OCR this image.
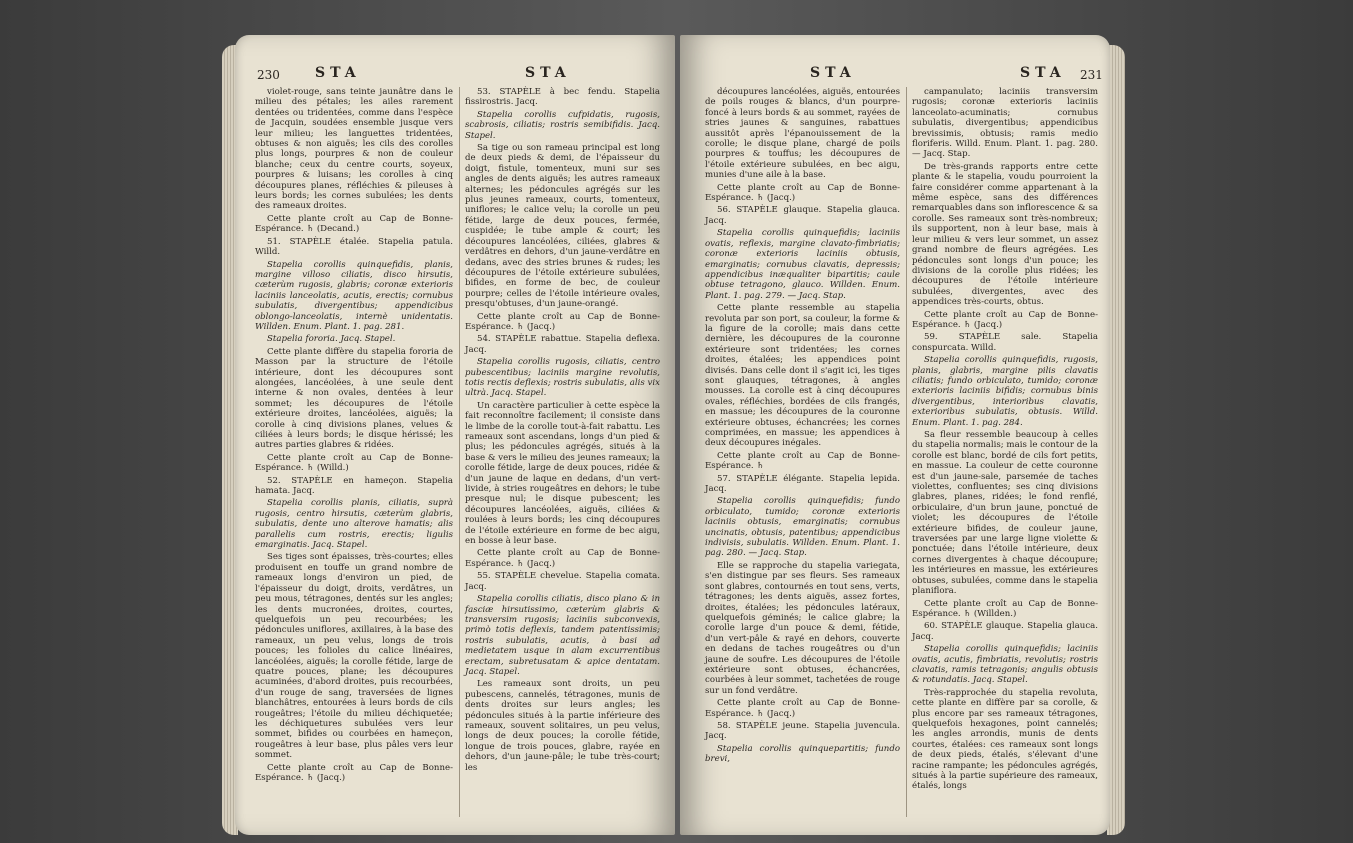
230	STA	STA

violet-rouge, sans teinte jaunâtre dans le milieu des pétales; les ailes rarement dentées ou tridentées, comme dans l'espèce de Jacquin, soudées ensemble jusque vers leur milieu; les languettes tridentées, obtuses & non aiguës; les cils des corolles plus longs, pourpres & non de couleur blanche; ceux du centre courts, soyeux, pourpres & luisans; les corolles à cinq découpures planes, réfléchies & pileuses à leurs bords; les cornes subulées; les dents des rameaux droites.

Cette plante croît au Cap de Bonne-Espérance. ♄ (Decand.)

51. STAPÈLE étalée. Stapelia patula. Willd.

Stapelia corollis quinquefidis, planis, margine villoso ciliatis, disco hirsutis, cæterùm rugosis, glabris; coronæ exterioris laciniis lanceolatis, acutis, erectis; cornubus subulatis, divergentibus; appendicibus oblongo-lanceolatis, internè unidentatis. Willden. Enum. Plant. 1. pag. 281.

Stapelia fororia. Jacq. Stapel.

Cette plante diffère du stapelia fororia de Masson par la structure de l'étoile intérieure, dont les découpures sont alongées, lancéolées, à une seule dent interne & non ovales, dentées à leur sommet; les découpures de l'étoile extérieure droites, lancéolées, aiguës; la corolle à cinq divisions planes, velues & ciliées à leurs bords; le disque hérissé; les autres parties glabres & ridées.

Cette plante croît au Cap de Bonne-Espérance. ♄ (Willd.)

52. STAPÈLE en hameçon. Stapelia hamata. Jacq.

Stapelia corollis planis, ciliatis, suprà rugosis, centro hirsutis, cæterùm glabris, subulatis, dente uno alterove hamatis; alis parallelis cum rostris, erectis; ligulis emarginatis. Jacq. Stapel.

Ses tiges sont épaisses, très-courtes; elles produisent en touffe un grand nombre de rameaux longs d'environ un pied, de l'épaisseur du doigt, droits, verdâtres, un peu mous, tétragones, dentés sur les angles; les dents mucronées, droites, courtes, quelquefois un peu recourbées; les pédoncules uniflores, axillaires, à la base des rameaux, un peu velus, longs de trois pouces; les folioles du calice linéaires, lancéolées, aiguës; la corolle fétide, large de quatre pouces, plane; les découpures acuminées, d'abord droites, puis recourbées, d'un rouge de sang, traversées de lignes blanchâtres, entourées à leurs bords de cils rougeâtres; l'étoile du milieu déchiquetée; les déchiquetures subulées vers leur sommet, bifides ou courbées en hameçon, rougeâtres à leur base, plus pâles vers leur sommet.

Cette plante croît au Cap de Bonne-Espérance. ♄ (Jacq.)

53. STAPÈLE à bec fendu. Stapelia fissirostris. Jacq.

Stapelia corollis cufpidatis, rugosis, scabrosis, ciliatis; rostris semibifidis. Jacq. Stapel.

Sa tige ou son rameau principal est long de deux pieds & demi, de l'épaisseur du doigt, fistule, tomenteux, muni sur ses angles de dents aiguës; les autres rameaux alternes; les pédoncules agrégés sur les plus jeunes rameaux, courts, tomenteux, uniflores; le calice velu; la corolle un peu fétide, large de deux pouces, fermée, cuspidée; le tube ample & court; les découpures lancéolées, ciliées, glabres & verdâtres en dehors, d'un jaune-verdâtre en dedans, avec des stries brunes & rudes; les découpures de l'étoile extérieure subulées, bifides, en forme de bec, de couleur pourpre; celles de l'étoile intérieure ovales, presqu'obtuses, d'un jaune-orangé.

Cette plante croît au Cap de Bonne-Espérance. ♄ (Jacq.)

54. STAPÈLE rabattue. Stapelia deflexa. Jacq.

Stapelia corollis rugosis, ciliatis, centro pubescentibus; laciniis margine revolutis, totis rectis deflexis; rostris subulatis, alis vix ultrà. Jacq. Stapel.

Un caractère particulier à cette espèce la fait reconnoître facilement; il consiste dans le limbe de la corolle tout-à-fait rabattu. Les rameaux sont ascendans, longs d'un pied & plus; les pédoncules agrégés, situés à la base & vers le milieu des jeunes rameaux; la corolle fétide, large de deux pouces, ridée & d'un jaune de laque en dedans, d'un vert-livide, à stries rougeâtres en dehors; le tube presque nul; le disque pubescent; les découpures lancéolées, aiguës, ciliées & roulées à leurs bords; les cinq découpures de l'étoile extérieure en forme de bec aigu, en bosse à leur base.

Cette plante croît au Cap de Bonne-Espérance. ♄ (Jacq.)

55. STAPÈLE chevelue. Stapelia comata. Jacq.

Stapelia corollis ciliatis, disco plano & in fasciæ hirsutissimo, cæterùm glabris & transversim rugosis; laciniis subconvexis, primò totis deflexis, tandem patentissimis; rostris subulatis, acutis, à basi ad medietatem usque in alam excurrentibus erectam, subretusatam & apice dentatam. Jacq. Stapel.

Les rameaux sont droits, un peu pubescens, cannelés, tétragones, munis de dents droites sur leurs angles; les pédoncules situés à la partie inférieure des rameaux, souvent solitaires, un peu velus, longs de deux pouces; la corolle fétide, longue de trois pouces, glabre, rayée en dehors, d'un jaune-pâle; le tube très-court; les

STA	STA 231

découpures lancéolées, aiguës, entourées de poils rouges & blancs, d'un pourpre-foncé à leurs bords & au sommet, rayées de stries jaunes & sanguines, rabattues aussitôt après l'épanouissement de la corolle; le disque plane, chargé de poils pourpres & touffus; les découpures de l'étoile extérieure subulées, en bec aigu, munies d'une aile à la base.

Cette plante croît au Cap de Bonne-Espérance. ♄ (Jacq.)

56. STAPÈLE glauque. Stapelia glauca. Jacq.

Stapelia corollis quinquefidis; laciniis ovatis, reflexis, margine clavato-fimbriatis; coronæ exterioris laciniis obtusis, emarginatis; cornubus clavatis, depressis; appendicibus inæqualiter bipartitis; caule obtuse tetragono, glauco. Willden. Enum. Plant. 1. pag. 279. — Jacq. Stap.

Cette plante ressemble au stapelia revoluta par son port, sa couleur, la forme & la figure de la corolle; mais dans cette dernière, les découpures de la couronne extérieure sont tridentées; les cornes droites, étalées; les appendices point divisés. Dans celle dont il s'agit ici, les tiges sont glauques, tétragones, à angles mousses. La corolle est à cinq découpures ovales, réfléchies, bordées de cils frangés, en massue; les découpures de la couronne extérieure obtuses, échancrées; les cornes comprimées, en massue; les appendices à deux découpures inégales.

Cette plante croît au Cap de Bonne-Espérance. ♄

57. STAPÈLE élégante. Stapelia lepida. Jacq.

Stapelia corollis quinquefidis; fundo orbiculato, tumido; coronæ exterioris laciniis obtusis, emarginatis; cornubus uncinatis, obtusis, patentibus; appendicibus indivisis, subulatis. Willden. Enum. Plant. 1. pag. 280. — Jacq. Stap.

Elle se rapproche du stapelia variegata, s'en distingue par ses fleurs. Ses rameaux sont glabres, contournés en tout sens, verts, tétragones; les dents aiguës, assez fortes, droites, étalées; les pédoncules latéraux, quelquefois géminés; le calice glabre; la corolle large d'un pouce & demi, fétide, d'un vert-pâle & rayé en dehors, couverte en dedans de taches rougeâtres ou d'un jaune de soufre. Les découpures de l'étoile extérieure sont obtuses, échancrées, courbées à leur sommet, tachetées de rouge sur un fond verdâtre.

Cette plante croît au Cap de Bonne-Espérance. ♄ (Jacq.)

58. STAPÈLE jeune. Stapelia juvencula. Jacq.

Stapelia corollis quinquepartitis; fundo brevi,

campanulato; laciniis transversim rugosis; coronæ exterioris laciniis lanceolato-acuminatis; cornubus subulatis, divergentibus; appendicibus brevissimis, obtusis; ramis medio floriferis. Willd. Enum. Plant. 1. pag. 280. — Jacq. Stap.

De très-grands rapports entre cette plante & le stapelia, voudu pourroient la faire considérer comme appartenant à la même espèce, sans des différences remarquables dans son inflorescence & sa corolle. Ses rameaux sont très-nombreux; ils supportent, non à leur base, mais à leur milieu & vers leur sommet, un assez grand nombre de fleurs agrégées. Les pédoncules sont longs d'un pouce; les divisions de la corolle plus ridées; les découpures de l'étoile intérieure subulées, divergentes, avec des appendices très-courts, obtus.

Cette plante croît au Cap de Bonne-Espérance. ♄ (Jacq.)

59. STAPÈLE sale. Stapelia conspurcata. Willd.

Stapelia corollis quinquefidis, rugosis, planis, glabris, margine pilis clavatis ciliatis; fundo orbiculato, tumido; coronæ exterioris laciniis bifidis; cornubus binis divergentibus, interioribus clavatis, exterioribus subulatis, obtusis. Willd. Enum. Plant. 1. pag. 284.

Sa fleur ressemble beaucoup à celles du stapelia normalis; mais le contour de la corolle est blanc, bordé de cils fort petits, en massue. La couleur de cette couronne est d'un jaune-sale, parsemée de taches violettes, confluentes; ses cinq divisions glabres, planes, ridées; le fond renflé, orbiculaire, d'un brun jaune, ponctué de violet; les découpures de l'étoile extérieure bifides, de couleur jaune, traversées par une large ligne violette & ponctuée; dans l'étoile intérieure, deux cornes divergentes à chaque découpure; les intérieures en massue, les extérieures obtuses, subulées, comme dans le stapelia planiflora.

Cette plante croît au Cap de Bonne-Espérance. ♄ (Willden.)

60. STAPÈLE glauque. Stapelia glauca. Jacq.

Stapelia corollis quinquefidis; laciniis ovatis, acutis, fimbriatis, revolutis; rostris clavatis, ramis tetragonis; angulis obtusis & rotundatis. Jacq. Stapel.

Très-rapprochée du stapelia revoluta, cette plante en diffère par sa corolle, & plus encore par ses rameaux tétragones, quelquefois hexagones, point cannelés; les angles arrondis, munis de dents courtes, étalées: ces rameaux sont longs de deux pieds, étalés, s'élevant d'une racine rampante; les pédoncules agrégés, situés à la partie supérieure des rameaux, étalés, longs
